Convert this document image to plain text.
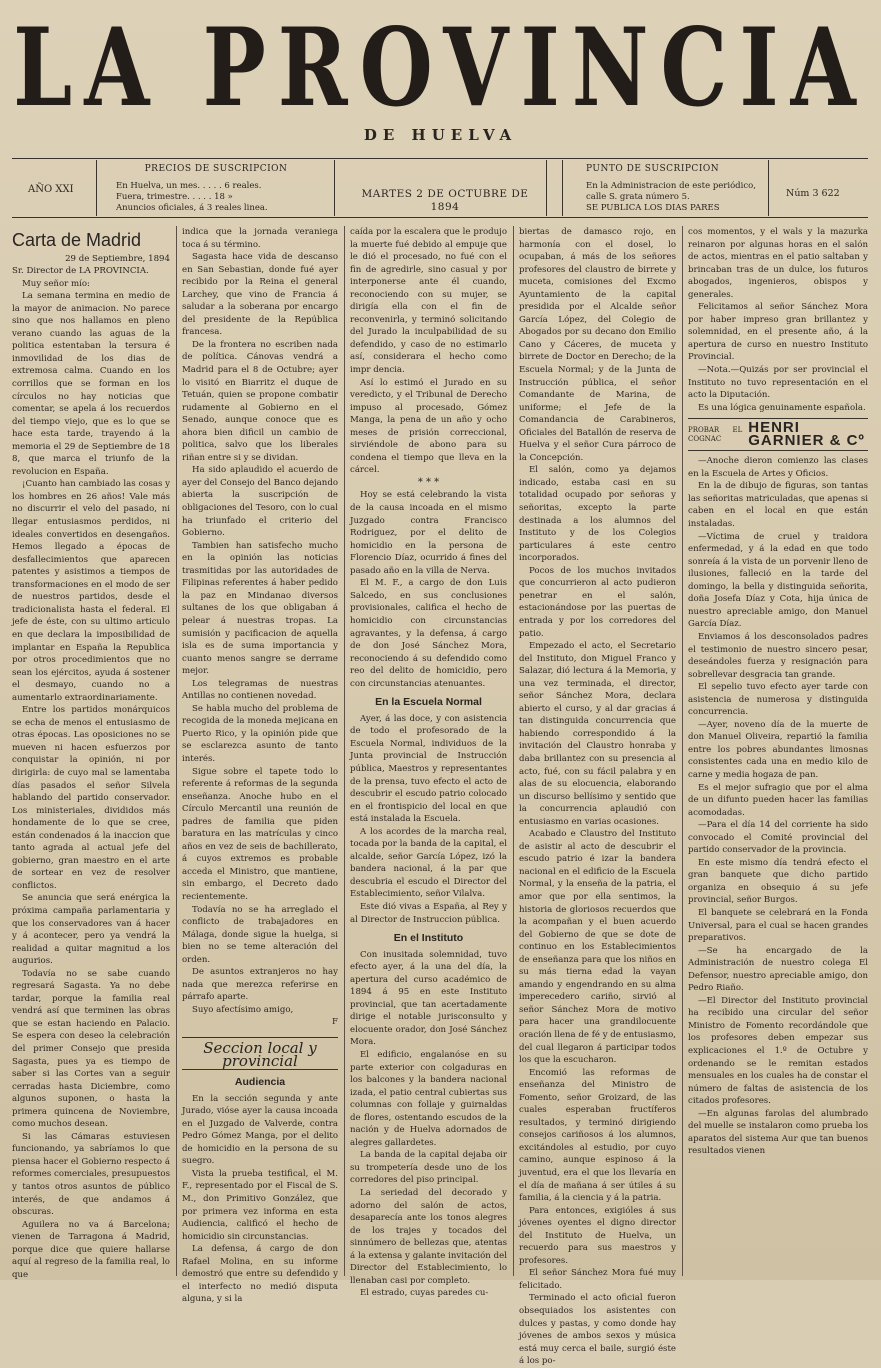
LA PROVINCIA
DE HUELVA
AÑO XXI
PRECIOS DE SUSCRIPCION
En Huelva, un mes. . . . . 6 reales.
Fuera, trimestre. . . . . 18 »
Anuncios oficiales, á 3 reales linea.
MARTES 2 DE OCTUBRE DE 1894
PUNTO DE SUSCRIPCION
En la Administracion de este periódico,
calle S. grata número 5.
SE PUBLICA LOS DIAS PARES
Núm 3 622
Carta de Madrid

29 de Septiembre, 1894

Sr. Director de LA PROVINCIA.

Muy señor mío:

La semana termina en medio de la mayor de animacion. No parece sino que nos hallamos en pleno verano cuando las aguas de la politica estentaban la tersura é inmovilidad de los dias de extremosa calma. Cuando en los corrillos que se forman en los círculos no hay noticias que comentar, se apela á los recuerdos del tiempo viejo, que es lo que se hace esta tarde, trayendo á la memoria el 29 de Septiembre de 18 8, que marca el triunfo de la revolucion en España.

¡Cuanto han cambiado las cosas y los hombres en 26 años! Vale más no discurrir el velo del pasado, ni llegar entusiasmos perdidos, ni ideales convertidos en desengaños. Hemos llegado a épocas de desfallecimientos que aparecen patentes y asistimos a tiempos de transformaciones en el modo de ser de nuestros partidos, desde el tradicionalista hasta el federal. El jefe de éste, con su ultimo articulo en que declara la imposibilidad de implantar en España la Republica por otros procedimientos que no sean los ejércitos, ayuda á sostener el desmayo, cuando no a aumentarlo extraordinariamente.

Entre los partidos monárquicos se echa de menos el entusiasmo de otras épocas. Las oposiciones no se mueven ni hacen esfuerzos por conquistar la opinión, ni por dirigirla: de cuyo mal se lamentaba días pasados el señor Silvela hablando del partido conservador. Los ministeriales, divididos más hondamente de lo que se cree, están condenados á la inaccion que tanto agrada al actual jefe del gobierno, gran maestro en el arte de sortear en vez de resolver conflictos.

Se anuncia que será enérgica la próxima campaña parlamentaria y que los conservadores van á hacer y á acontecer, pero ya vendrá la realidad a quitar magnitud a los augurios.

Todavía no se sabe cuando regresará Sagasta. Ya no debe tardar, porque la familia real vendrá así que terminen las obras que se estan haciendo en Palacio. Se espera con deseo la celebración del primer Consejo que presida Sagasta, pues ya es tiempo de saber si las Cortes van a seguir cerradas hasta Diciembre, como algunos suponen, o hasta la primera quincena de Noviembre, como muchos desean.

Si las Cámaras estuviesen funcionando, ya sabríamos lo que piensa hacer el Gobierno respecto á reformes comerciales, presupuestos y tantos otros asuntos de público interés, de que andamos á obscuras.

Aguilera no va á Barcelona; vienen de Tarragona á Madrid, porque dice que quiere hallarse aquí al regreso de la familia real, lo que

indica que la jornada veraniega toca á su término.

Sagasta hace vida de descanso en San Sebastian, donde fué ayer recibido por la Reina el general Larchey, que vino de Francia á saludar a la soberana por encargo del presidente de la República francesa.

De la frontera no escriben nada de política. Cánovas vendrá a Madrid para el 8 de Octubre; ayer lo visitó en Biarritz el duque de Tetuán, quien se propone combatir rudamente al Gobierno en el Senado, aunque conoce que es ahora bien dificil un cambio de politica, salvo que los liberales riñan entre si y se dividan.

Ha sido aplaudido el acuerdo de ayer del Consejo del Banco dejando abierta la suscripción de obligaciones del Tesoro, con lo cual ha triunfado el criterio del Gobierno.

Tambien han satisfecho mucho en la opinión las noticias trasmitidas por las autoridades de Filipinas referentes á haber pedido la paz en Mindanao diversos sultanes de los que obligaban á pelear á nuestras tropas. La sumisión y pacificacion de aquella isla es de suma importancia y cuanto menos sangre se derrame mejor.

Los telegramas de nuestras Antillas no contienen novedad.

Se habla mucho del problema de recogida de la moneda mejicana en Puerto Rico, y la opinión pide que se esclarezca asunto de tanto interés.

Sigue sobre el tapete todo lo referente á reformas de la segunda enseñanza. Anoche hubo en el Círculo Mercantil una reunión de padres de familia que piden baratura en las matrículas y cinco años en vez de seis de bachillerato, á cuyos extremos es probable acceda el Ministro, que mantiene, sin embargo, el Decreto dado recientemente.

Todavía no se ha arreglado el conflicto de trabajadores en Málaga, donde sigue la huelga, si bien no se teme alteración del orden.

De asuntos extranjeros no hay nada que merezca referirse en párrafo aparte.

Suyo afectísimo amigo,

F

Seccion local y provincial
Audiencia

En la sección segunda y ante Jurado, vióse ayer la causa incoada en el Juzgado de Valverde, contra Pedro Gómez Manga, por el delito de homicidio en la persona de su suegro.

Vista la prueba testifical, el M. F., representado por el Fiscal de S. M., don Primitivo González, que por primera vez informa en esta Audiencia, calificó el hecho de homicidio sin circunstancias.

La defensa, á cargo de don Rafael Molina, en su informe demostró que entre su defendido y el interfecto no medió disputa alguna, y si la

caída por la escalera que le produjo la muerte fué debido al empuje que le dió el procesado, no fué con el fin de agredirle, sino casual y por interponerse ante él cuando, reconociendo con su mujer, se dirigía ella con el fin de reconvenirla, y terminó solicitando del Jurado la inculpabilidad de su defendido, y caso de no estimarlo así, considerara el hecho como impr dencia.

Así lo estimó el Jurado en su veredicto, y el Tribunal de Derecho impuso al procesado, Gómez Manga, la pena de un año y ocho meses de prisión correccional, sirviéndole de abono para su condena el tiempo que lleva en la cárcel.

* * *

Hoy se está celebrando la vista de la causa incoada en el mismo Juzgado contra Francisco Rodriguez, por el delito de homicidio en la persona de Florencio Díaz, ocurrido á fines del pasado año en la villa de Nerva.

El M. F., a cargo de don Luis Salcedo, en sus conclusiones provisionales, califica el hecho de homicidio con circunstancias agravantes, y la defensa, á cargo de don José Sánchez Mora, reconociendo á su defendido como reo del delito de homicidio, pero con circunstancias atenuantes.

En la Escuela Normal

Ayer, á las doce, y con asistencia de todo el profesorado de la Escuela Normal, individuos de la Junta provincial de Instrucción pública, Maestros y representantes de la prensa, tuvo efecto el acto de descubrir el escudo patrio colocado en el frontispicio del local en que está instalada la Escuela.

A los acordes de la marcha real, tocada por la banda de la capital, el alcalde, señor García López, izó la bandera nacional, á la par que descubria el escudo el Director del Establecimiento, señor Vilalva.

Este dió vivas a España, al Rey y al Director de Instruccion pública.

En el Instituto

Con inusitada solemnidad, tuvo efecto ayer, á la una del día, la apertura del curso académico de 1894 á 95 en este Instituto provincial, que tan acertadamente dirige el notable jurisconsulto y elocuente orador, don José Sánchez Mora.

El edificio, engalanóse en su parte exterior con colgaduras en los balcones y la bandera nacional izada, el patio central cubiertas sus columnas con follaje y guirnaldas de flores, ostentando escudos de la nación y de Huelva adornados de alegres gallardetes.

La banda de la capital dejaba oir su trompetería desde uno de los corredores del piso principal.

La seriedad del decorado y adorno del salón de actos, desaparecía ante los tonos alegres de los trajes y tocados del sinnúmero de bellezas que, atentas á la extensa y galante invitación del Director del Establecimiento, lo llenaban casi por completo.

El estrado, cuyas paredes cu-

biertas de damasco rojo, en harmonía con el dosel, lo ocupaban, á más de los señores profesores del claustro de birrete y muceta, comisiones del Excmo Ayuntamiento de la capital presidida por el Alcalde señor García López, del Colegio de Abogados por su decano don Emilio Cano y Cáceres, de muceta y birrete de Doctor en Derecho; de la Escuela Normal; y de la Junta de Instrucción pública, el señor Comandante de Marina, de uniforme; el Jefe de la Comandancia de Carabineros, Oficiales del Batallón de reserva de Huelva y el señor Cura párroco de la Concepción.

El salón, como ya dejamos indicado, estaba casi en su totalidad ocupado por señoras y señoritas, excepto la parte destinada a los alumnos del Instituto y de los Colegios particulares á este centro incorporados.

Pocos de los muchos invitados que concurrieron al acto pudieron penetrar en el salón, estacionándose por las puertas de entrada y por los corredores del patio.

Empezado el acto, el Secretario del Instituto, don Miguel Franco y Salazar, dió lectura á la Memoria, y una vez terminada, el director, señor Sánchez Mora, declara abierto el curso, y al dar gracias á tan distinguida concurrencia que habiendo correspondido á la invitación del Claustro honraba y daba brillantez con su presencia al acto, fué, con su fácil palabra y en alas de su elocuencia, elaborando un discurso bellísimo y sentido que la concurrencia aplaudió con entusiasmo en varias ocasiones.

Acabado e Claustro del Instituto de asistir al acto de descubrir el escudo patrio é izar la bandera nacional en el edificio de la Escuela Normal, y la enseña de la patria, el amor que por ella sentimos, la historia de gloriosos recuerdos que la acompañan y el buen acuerdo del Gobierno de que se dote de continuo en los Establecimientos de enseñanza para que los niños en su más tierna edad la vayan amando y engendrando en su alma imperecedero cariño, sirvió al señor Sánchez Mora de motivo para hacer una grandilocuente oración llena de fé y de entusiasmo, del cual llegaron á participar todos los que la escucharon.

Encomió las reformas de enseñanza del Ministro de Fomento, señor Groizard, de las cuales esperaban fructíferos resultados, y terminó dirigiendo consejos cariñosos á los alumnos, excitándoles al estudio, por cuyo camino, aunque espinoso á la juventud, era el que los llevaría en el día de mañana á ser útiles á su familia, á la ciencia y á la patria.

Para entonces, exigióles á sus jóvenes oyentes el digno director del Instituto de Huelva, un recuerdo para sus maestros y profesores.

El señor Sánchez Mora fué muy felicitado.

Terminado el acto oficial fueron obsequiados los asistentes con dulces y pastas, y como donde hay jóvenes de ambos sexos y música está muy cerca el baile, surgió éste á los po-

cos momentos, y el wals y la mazurka reinaron por algunas horas en el salón de actos, mientras en el patio saltaban y brincaban tras de un dulce, los futuros abogados, ingenieros, obispos y generales.

Felicitamos al señor Sánchez Mora por haber impreso gran brillantez y solemnidad, en el presente año, á la apertura de curso en nuestro Instituto Provincial.

—Nota.—Quizás por ser provincial el Instituto no tuvo representación en el acto la Diputación.

Es una lógica genuinamente española.

PROBAR EL COGNAC
HENRI GARNIER & Cº

—Anoche dieron comienzo las clases en la Escuela de Artes y Oficios.

En la de dibujo de figuras, son tantas las señoritas matriculadas, que apenas si caben en el local en que están instaladas.

—Víctima de cruel y traidora enfermedad, y á la edad en que todo sonreía á la vista de un porvenir lleno de ilusiones, falleció en la tarde del domingo, la bella y distinguida señorita, doña Josefa Díaz y Cota, hija única de nuestro apreciable amigo, don Manuel García Díaz.

Enviamos á los desconsolados padres el testimonio de nuestro sincero pesar, deseándoles fuerza y resignación para sobrellevar desgracia tan grande.

El sepelio tuvo efecto ayer tarde con asistencia de numerosa y distinguida concurrencia.

—Ayer, noveno día de la muerte de don Manuel Oliveira, repartió la familia entre los pobres abundantes limosnas consistentes cada una en medio kilo de carne y media hogaza de pan.

Es el mejor sufragio que por el alma de un difunto pueden hacer las familias acomodadas.

—Para el día 14 del corriente ha sido convocado el Comité provincial del partido conservador de la provincia.

En este mismo día tendrá efecto el gran banquete que dicho partido organiza en obsequio á su jefe provincial, señor Burgos.

El banquete se celebrará en la Fonda Universal, para el cual se hacen grandes preparativos.

—Se ha encargado de la Administración de nuestro colega El Defensor, nuestro apreciable amigo, don Pedro Riaño.

—El Director del Instituto provincial ha recibido una circular del señor Ministro de Fomento recordándole que los profesores deben empezar sus explicaciones el 1.º de Octubre y ordenando se le remitan estados mensuales en los cuales ha de constar el número de faltas de asistencia de los citados profesores.

—En algunas farolas del alumbrado del muelle se instalaron como prueba los aparatos del sistema Aur que tan buenos resultados vienen
